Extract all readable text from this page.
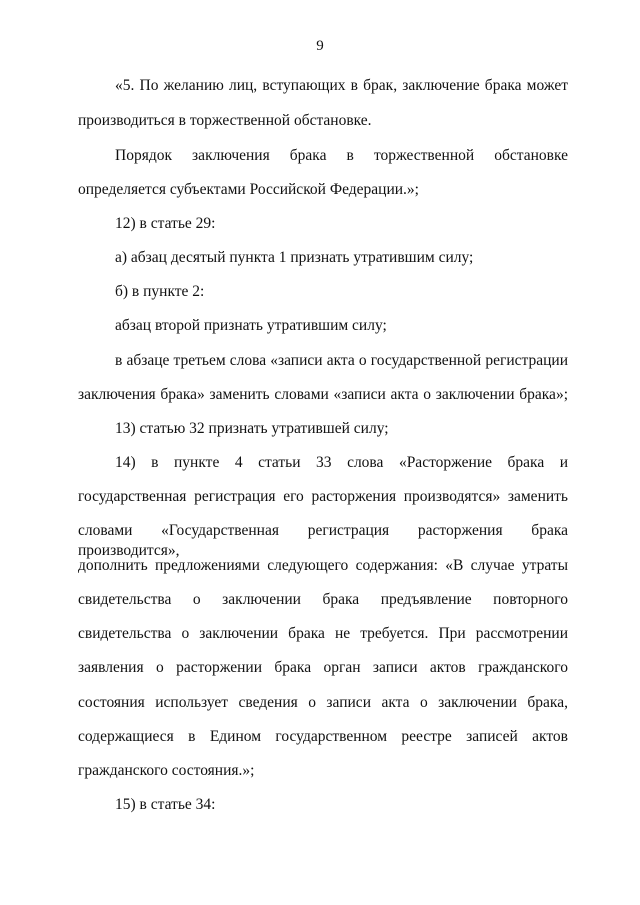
9
«5. По желанию лиц, вступающих в брак, заключение брака может
производиться в торжественной обстановке.
Порядок заключения брака в торжественной обстановке
определяется субъектами Российской Федерации.»;
12) в статье 29:
а) абзац десятый пункта 1 признать утратившим силу;
б) в пункте 2:
абзац второй признать утратившим силу;
в абзаце третьем слова «записи акта о государственной регистрации
заключения брака» заменить словами «записи акта о заключении брака»;
13) статью 32 признать утратившей силу;
14) в пункте 4 статьи 33 слова «Расторжение брака и
государственная регистрация его расторжения производятся» заменить
словами «Государственная регистрация расторжения брака производится»,
дополнить предложениями следующего содержания: «В случае утраты
свидетельства о заключении брака предъявление повторного
свидетельства о заключении брака не требуется. При рассмотрении
заявления о расторжении брака орган записи актов гражданского
состояния использует сведения о записи акта о заключении брака,
содержащиеся в Едином государственном реестре записей актов
гражданского состояния.»;
15) в статье 34:
